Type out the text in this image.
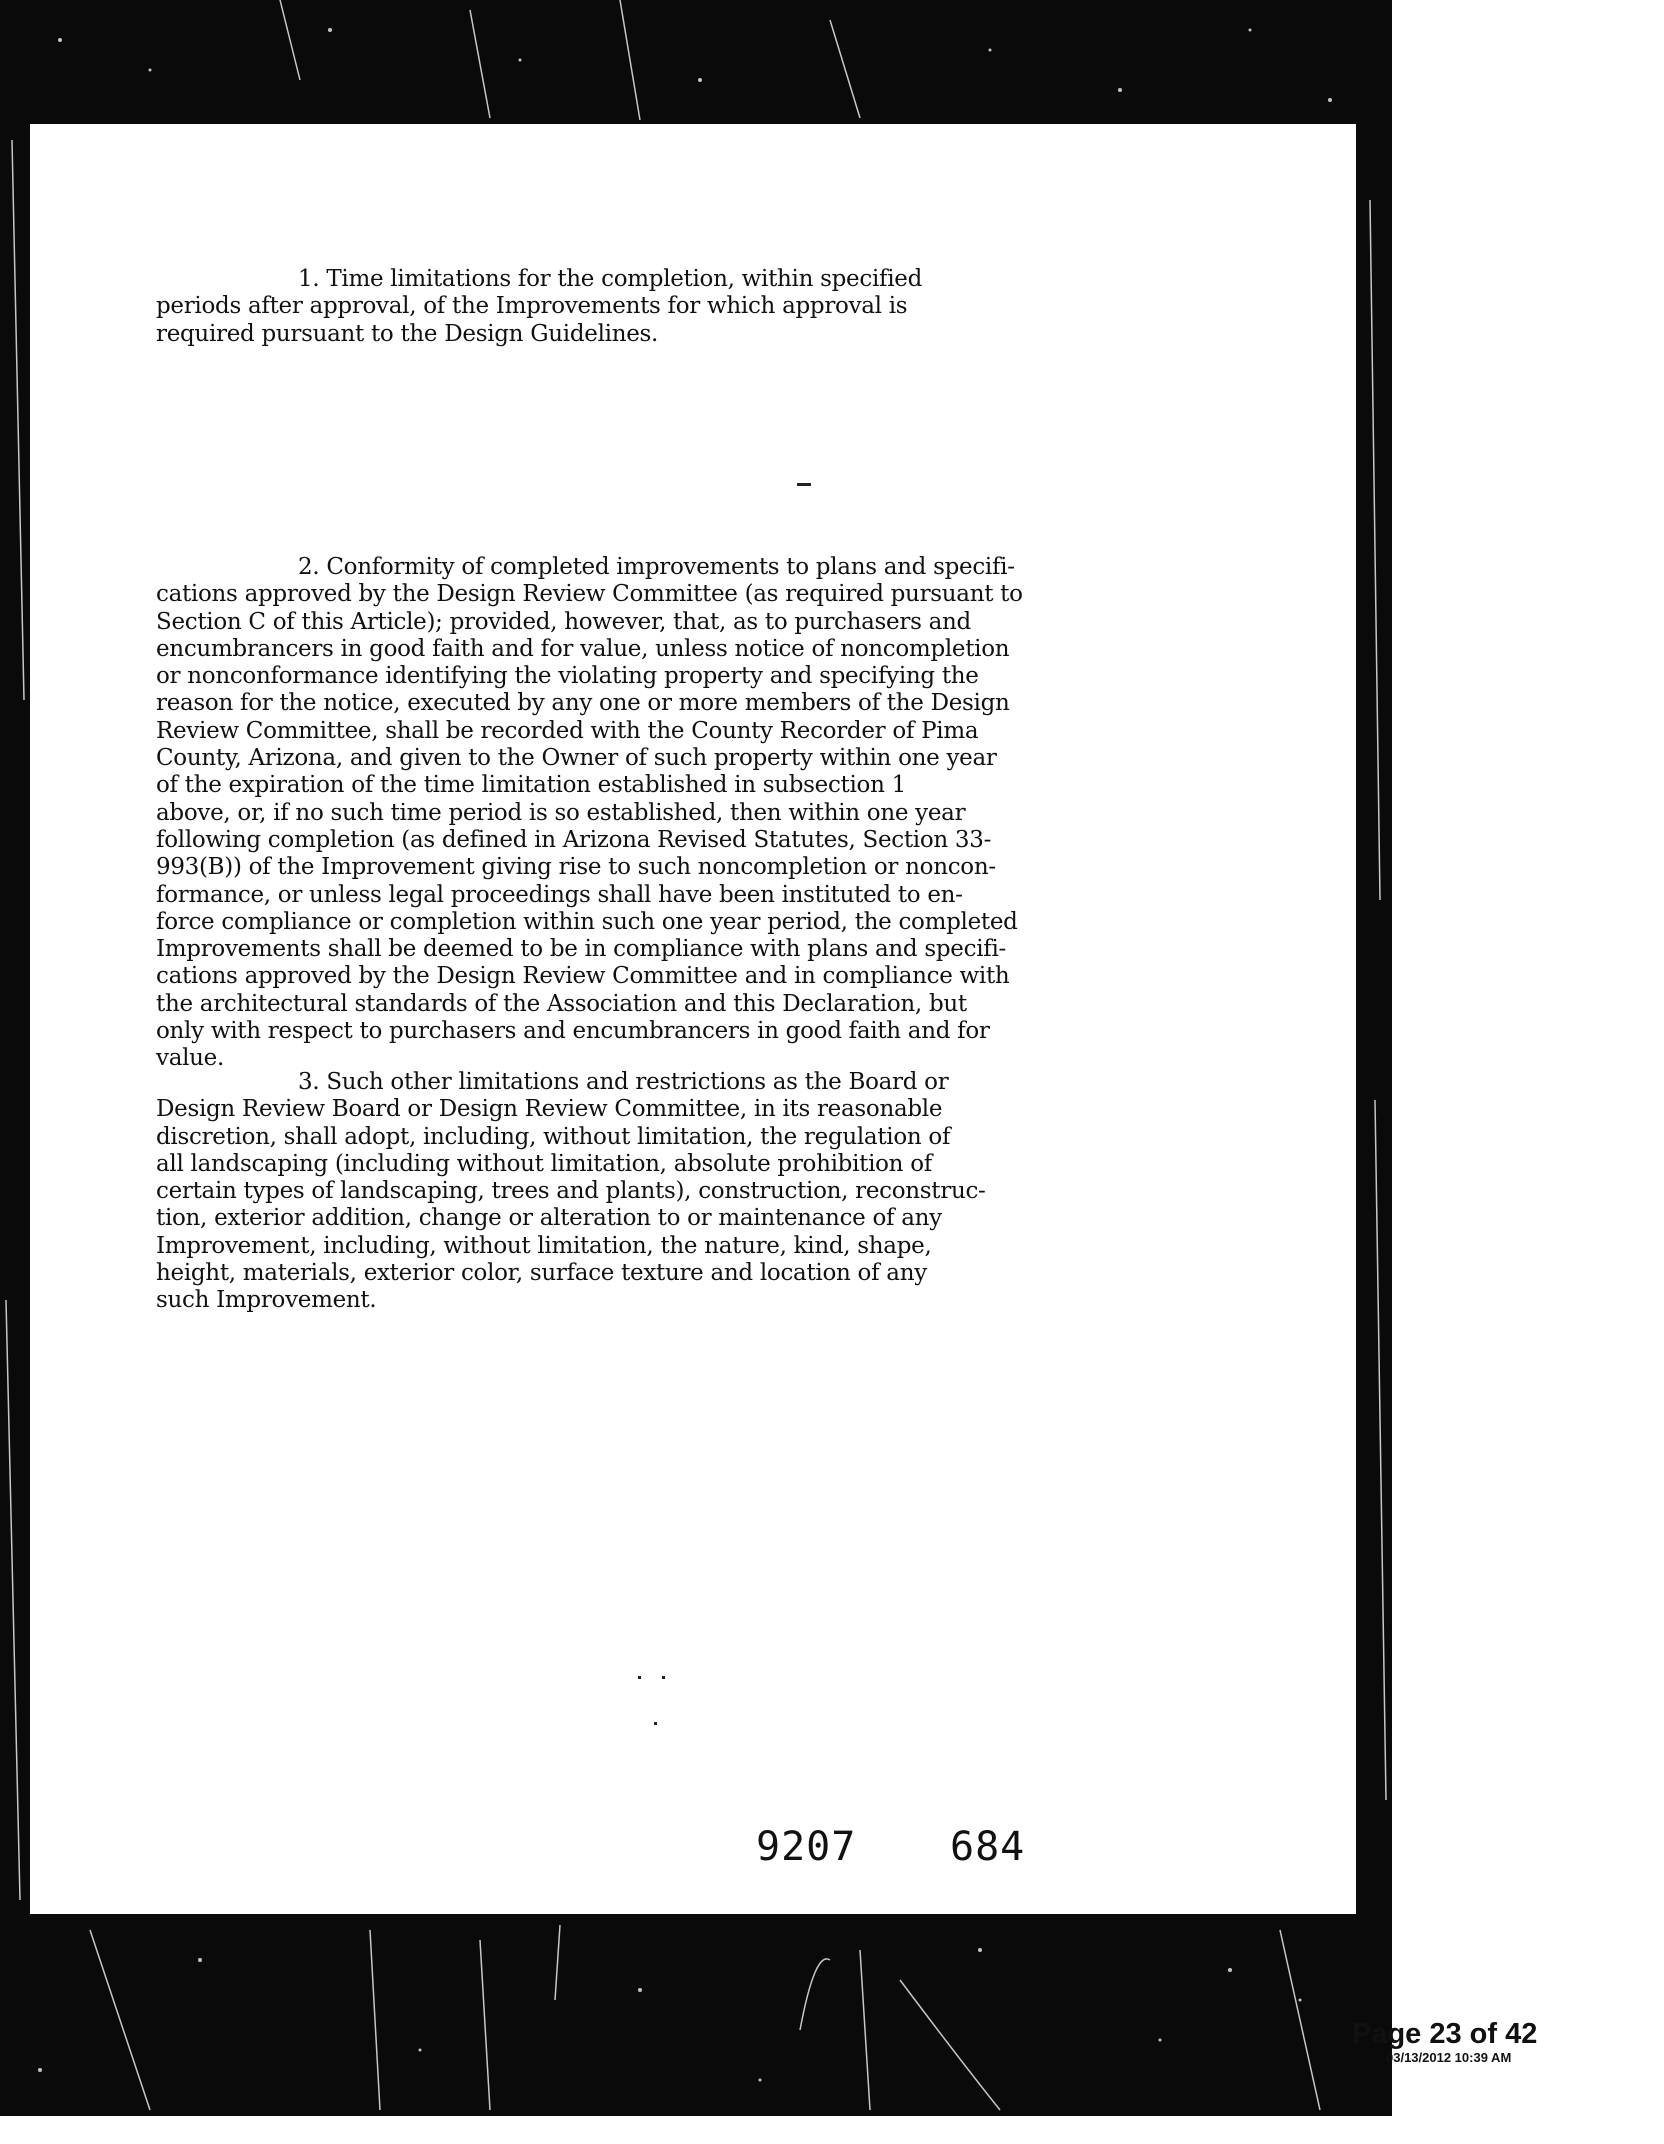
1. Time limitations for the completion, within specified
periods after approval, of the Improvements for which approval is
required pursuant to the Design Guidelines.

2. Conformity of completed improvements to plans and specifi-
cations approved by the Design Review Committee (as required pursuant to
Section C of this Article); provided, however, that, as to purchasers and
encumbrancers in good faith and for value, unless notice of noncompletion
or nonconformance identifying the violating property and specifying the
reason for the notice, executed by any one or more members of the Design
Review Committee, shall be recorded with the County Recorder of Pima
County, Arizona, and given to the Owner of such property within one year
of the expiration of the time limitation established in subsection 1
above, or, if no such time period is so established, then within one year
following completion (as defined in Arizona Revised Statutes, Section 33-
993(B)) of the Improvement giving rise to such noncompletion or noncon-
formance, or unless legal proceedings shall have been instituted to en-
force compliance or completion within such one year period, the completed
Improvements shall be deemed to be in compliance with plans and specifi-
cations approved by the Design Review Committee and in compliance with
the architectural standards of the Association and this Declaration, but
only with respect to purchasers and encumbrancers in good faith and for
value.

3. Such other limitations and restrictions as the Board or
Design Review Board or Design Review Committee, in its reasonable
discretion, shall adopt, including, without limitation, the regulation of
all landscaping (including without limitation, absolute prohibition of
certain types of landscaping, trees and plants), construction, reconstruc-
tion, exterior addition, change or alteration to or maintenance of any
Improvement, including, without limitation, the nature, kind, shape,
height, materials, exterior color, surface texture and location of any
such Improvement.

9207 684
Page 23 of 42
03/13/2012 10:39 AM
